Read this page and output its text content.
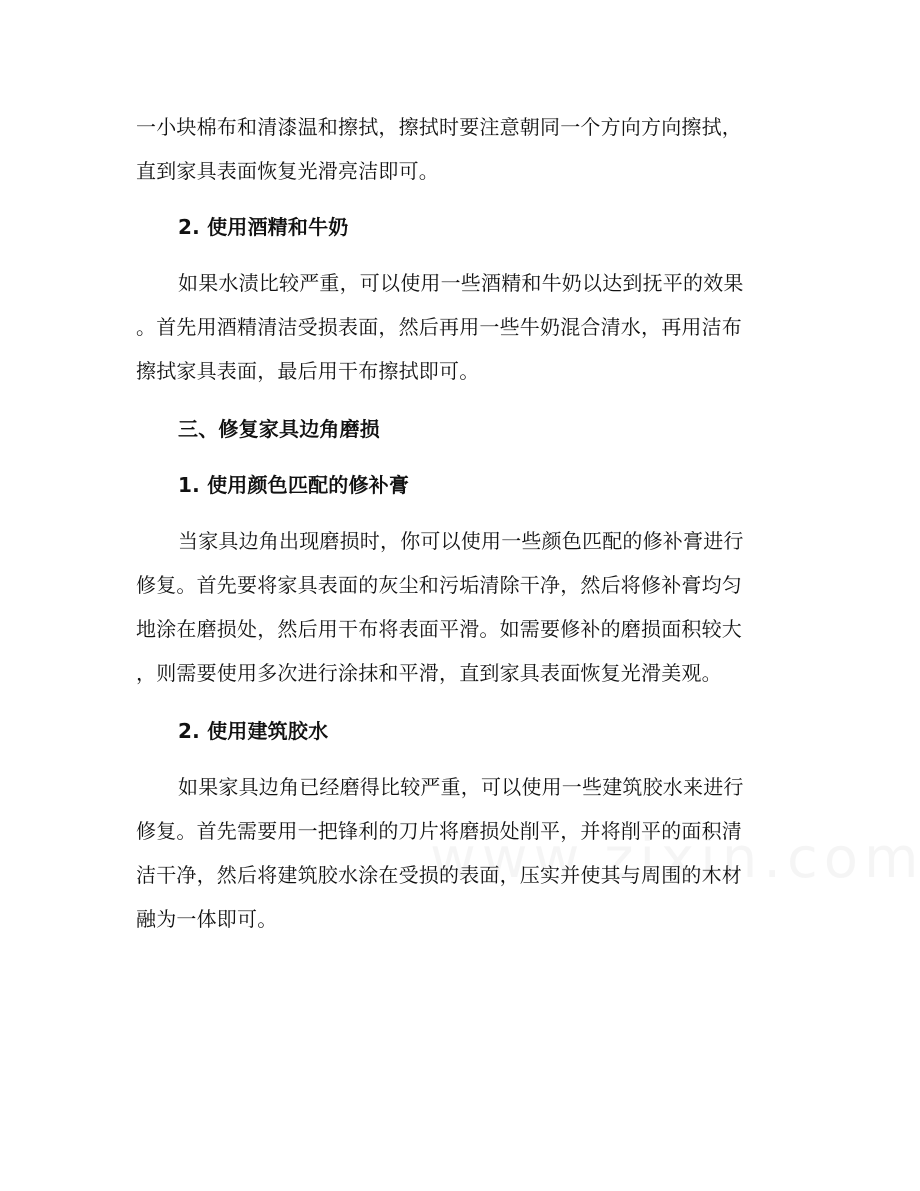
一小块棉布和清漆温和擦拭，擦拭时要注意朝同一个方向方向擦拭，
直到家具表面恢复光滑亮洁即可。
2. 使用酒精和牛奶
如果水渍比较严重，可以使用一些酒精和牛奶以达到抚平的效果
。首先用酒精清洁受损表面，然后再用一些牛奶混合清水，再用洁布
擦拭家具表面，最后用干布擦拭即可。
三、修复家具边角磨损
1. 使用颜色匹配的修补膏
当家具边角出现磨损时，你可以使用一些颜色匹配的修补膏进行
修复。首先要将家具表面的灰尘和污垢清除干净，然后将修补膏均匀
地涂在磨损处，然后用干布将表面平滑。如需要修补的磨损面积较大
，则需要使用多次进行涂抹和平滑，直到家具表面恢复光滑美观。
2. 使用建筑胶水
如果家具边角已经磨得比较严重，可以使用一些建筑胶水来进行
修复。首先需要用一把锋利的刀片将磨损处削平，并将削平的面积清
洁干净，然后将建筑胶水涂在受损的表面，压实并使其与周围的木材
融为一体即可。
